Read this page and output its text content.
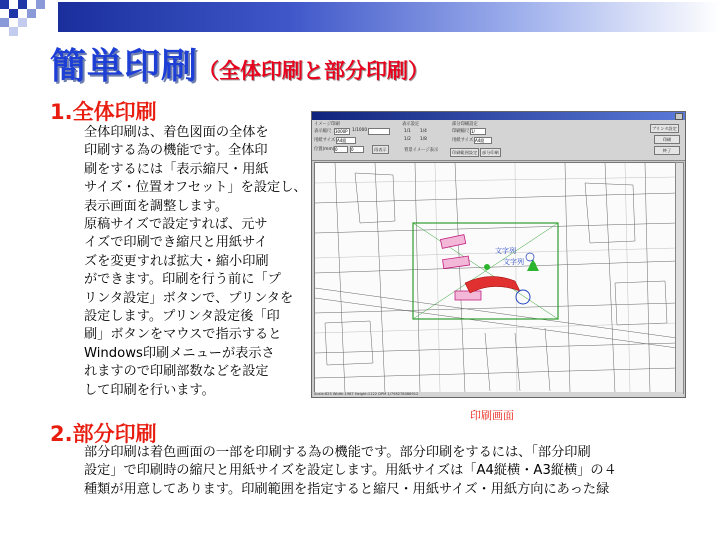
簡単印刷（全体印刷と部分印刷）
1.全体印刷
全体印刷は、着色図面の全体を
印刷する為の機能です。全体印
刷をするには「表示縮尺・用紙
サイズ・位置オフセット」を設定し、
表示画面を調整します。
原稿サイズで設定すれば、元サ
イズで印刷でき縮尺と用紙サイ
ズを変更すれば拡大・縮小印刷
ができます。印刷を行う前に「プ
リンタ設定」ボタンで、プリンタを
設定します。プリンタ設定後「印
刷」ボタンをマウスで指示すると
Windows印刷メニューが表示さ
れますので印刷部数などを設定
して印刷を行います。
イメージ印刷
表示縮尺 3000P	1/1000
用紙サイズ A4縦
位置(mm) 0	0	再表示
表示設定
1/1 1/4
1/2 1/8
背景イメージ表示
部分印刷設定
印刷縮尺 1/
用紙サイズ A4縦
印刷範囲設定	部分印刷
プリンタ設定
印刷
終了
文字列
文字列
Scale:625 Width:1967 Height:1122 DPM 1/798278086912
印刷画面
2.部分印刷
部分印刷は着色画面の一部を印刷する為の機能です。部分印刷をするには、「部分印刷
設定」で印刷時の縮尺と用紙サイズを設定します。用紙サイズは「A4縦横・A3縦横」の４
種類が用意してあります。印刷範囲を指定すると縮尺・用紙サイズ・用紙方向にあった緑
